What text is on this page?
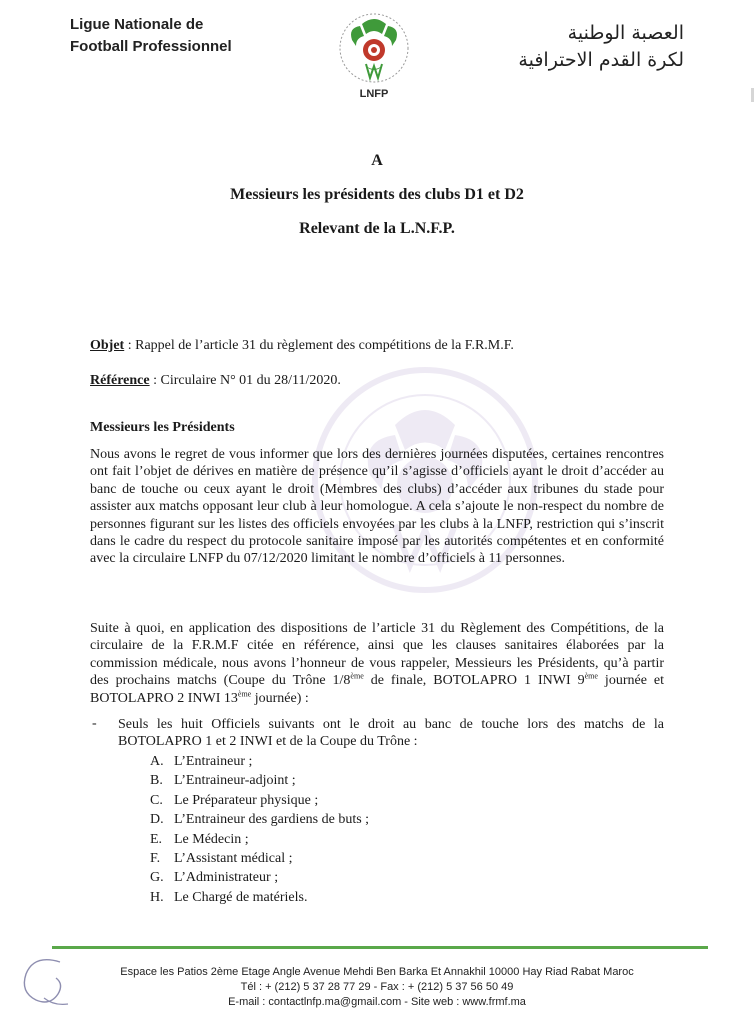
Ligue Nationale de
Football Professionnel
LNFP
العصبة الوطنية
لكرة القدم الاحترافية
A
Messieurs les présidents des clubs D1 et D2
Relevant de la L.N.F.P.
Objet : Rappel de l’article 31 du règlement des compétitions de la F.R.M.F.
Référence : Circulaire N° 01 du 28/11/2020.
Messieurs les Présidents

Nous avons le regret de vous informer que lors des dernières journées disputées, certaines rencontres ont fait l’objet de dérives en matière de présence qu’il s’agisse d’officiels ayant le droit d’accéder au banc de touche ou ceux ayant le droit (Membres des clubs) d’accéder aux tribunes du stade pour assister aux matchs opposant leur club à leur homologue. A cela s’ajoute le non-respect du nombre de personnes figurant sur les listes des officiels envoyées par les clubs à la LNFP, restriction qui s’inscrit dans le cadre du respect du protocole sanitaire imposé par les autorités compétentes et en conformité avec la circulaire LNFP du 07/12/2020 limitant le nombre d’officiels à 11 personnes.

Suite à quoi, en application des dispositions de l’article 31 du Règlement des Compétitions, de la circulaire de la F.R.M.F citée en référence, ainsi que les clauses sanitaires élaborées par la commission médicale, nous avons l’honneur de vous rappeler, Messieurs les Présidents, qu’à partir des prochains matchs (Coupe du Trône 1/8ème de finale, BOTOLAPRO 1 INWI 9ème journée et BOTOLAPRO 2 INWI 13ème journée) :

- Seuls les huit Officiels suivants ont le droit au banc de touche lors des matchs de la BOTOLAPRO 1 et 2 INWI et de la Coupe du Trône :

A. L’Entraineur ;
B. L’Entraineur-adjoint ;
C. Le Préparateur physique ;
D. L’Entraineur des gardiens de buts ;
E. Le Médecin ;
F. L’Assistant médical ;
G. L’Administrateur ;
H. Le Chargé de matériels.
Espace les Patios 2ème Etage Angle Avenue Mehdi Ben Barka Et Annakhil 10000 Hay Riad Rabat Maroc
Tél : + (212) 5 37 28 77 29 - Fax : + (212) 5 37 56 50 49
E-mail : contactlnfp.ma@gmail.com - Site web : www.frmf.ma
